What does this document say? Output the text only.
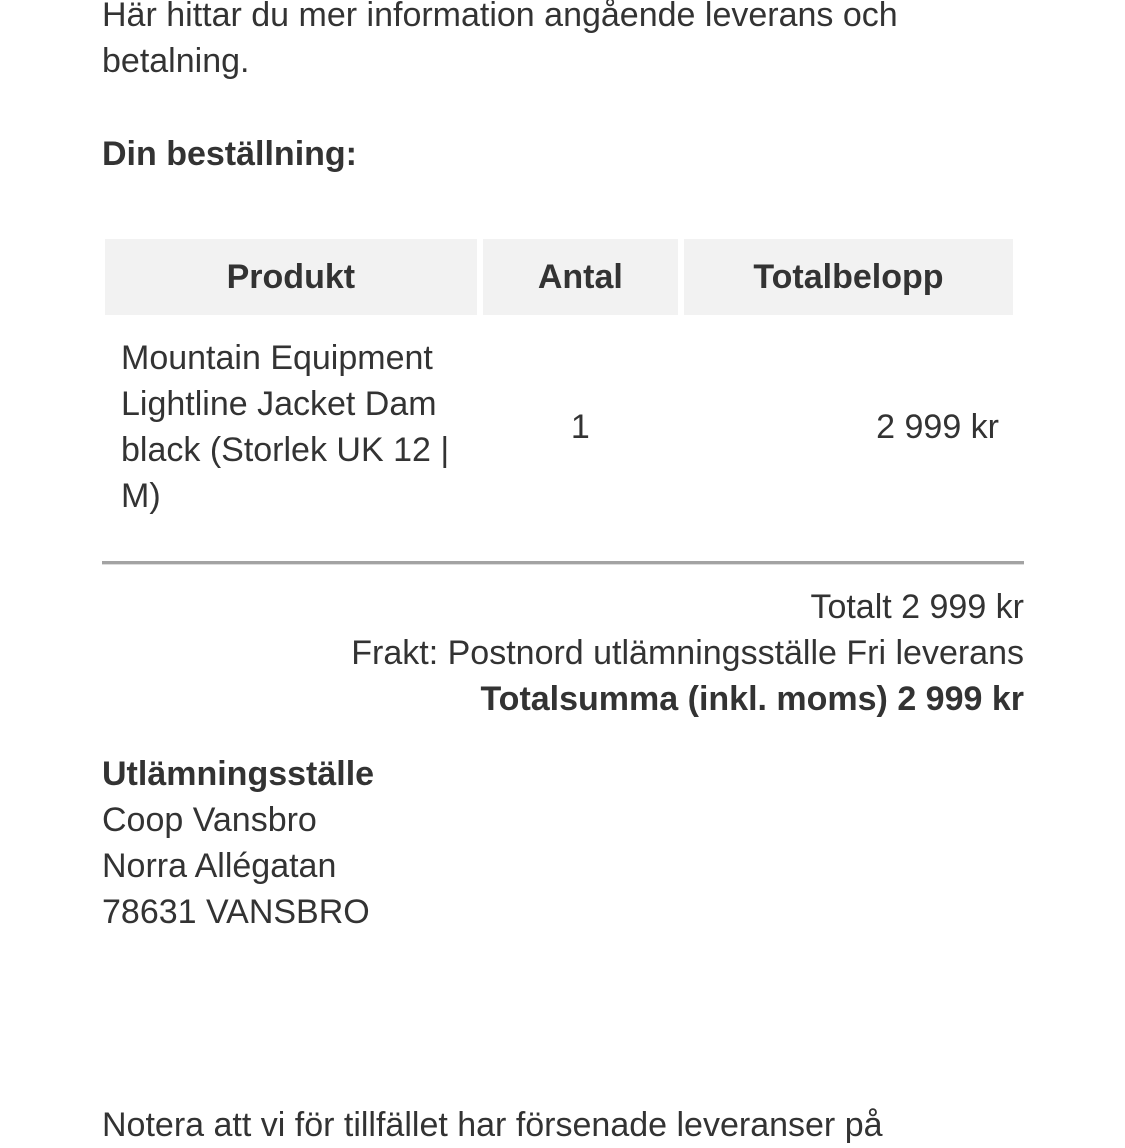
Här hittar du mer information angående leverans och betalning.

Din beställning:
Produkt	Antal	Totalbelopp
Mountain Equipment Lightline Jacket Dam black (Storlek UK 12 | M)	1	2 999 kr
Totalt 2 999 kr
Frakt: Postnord utlämningsställe Fri leverans
Totalsumma (inkl. moms) 2 999 kr
Utlämningsställe
Coop Vansbro
Norra Allégatan
78631 VANSBRO
Notera att vi för tillfället har försenade leveranser på
